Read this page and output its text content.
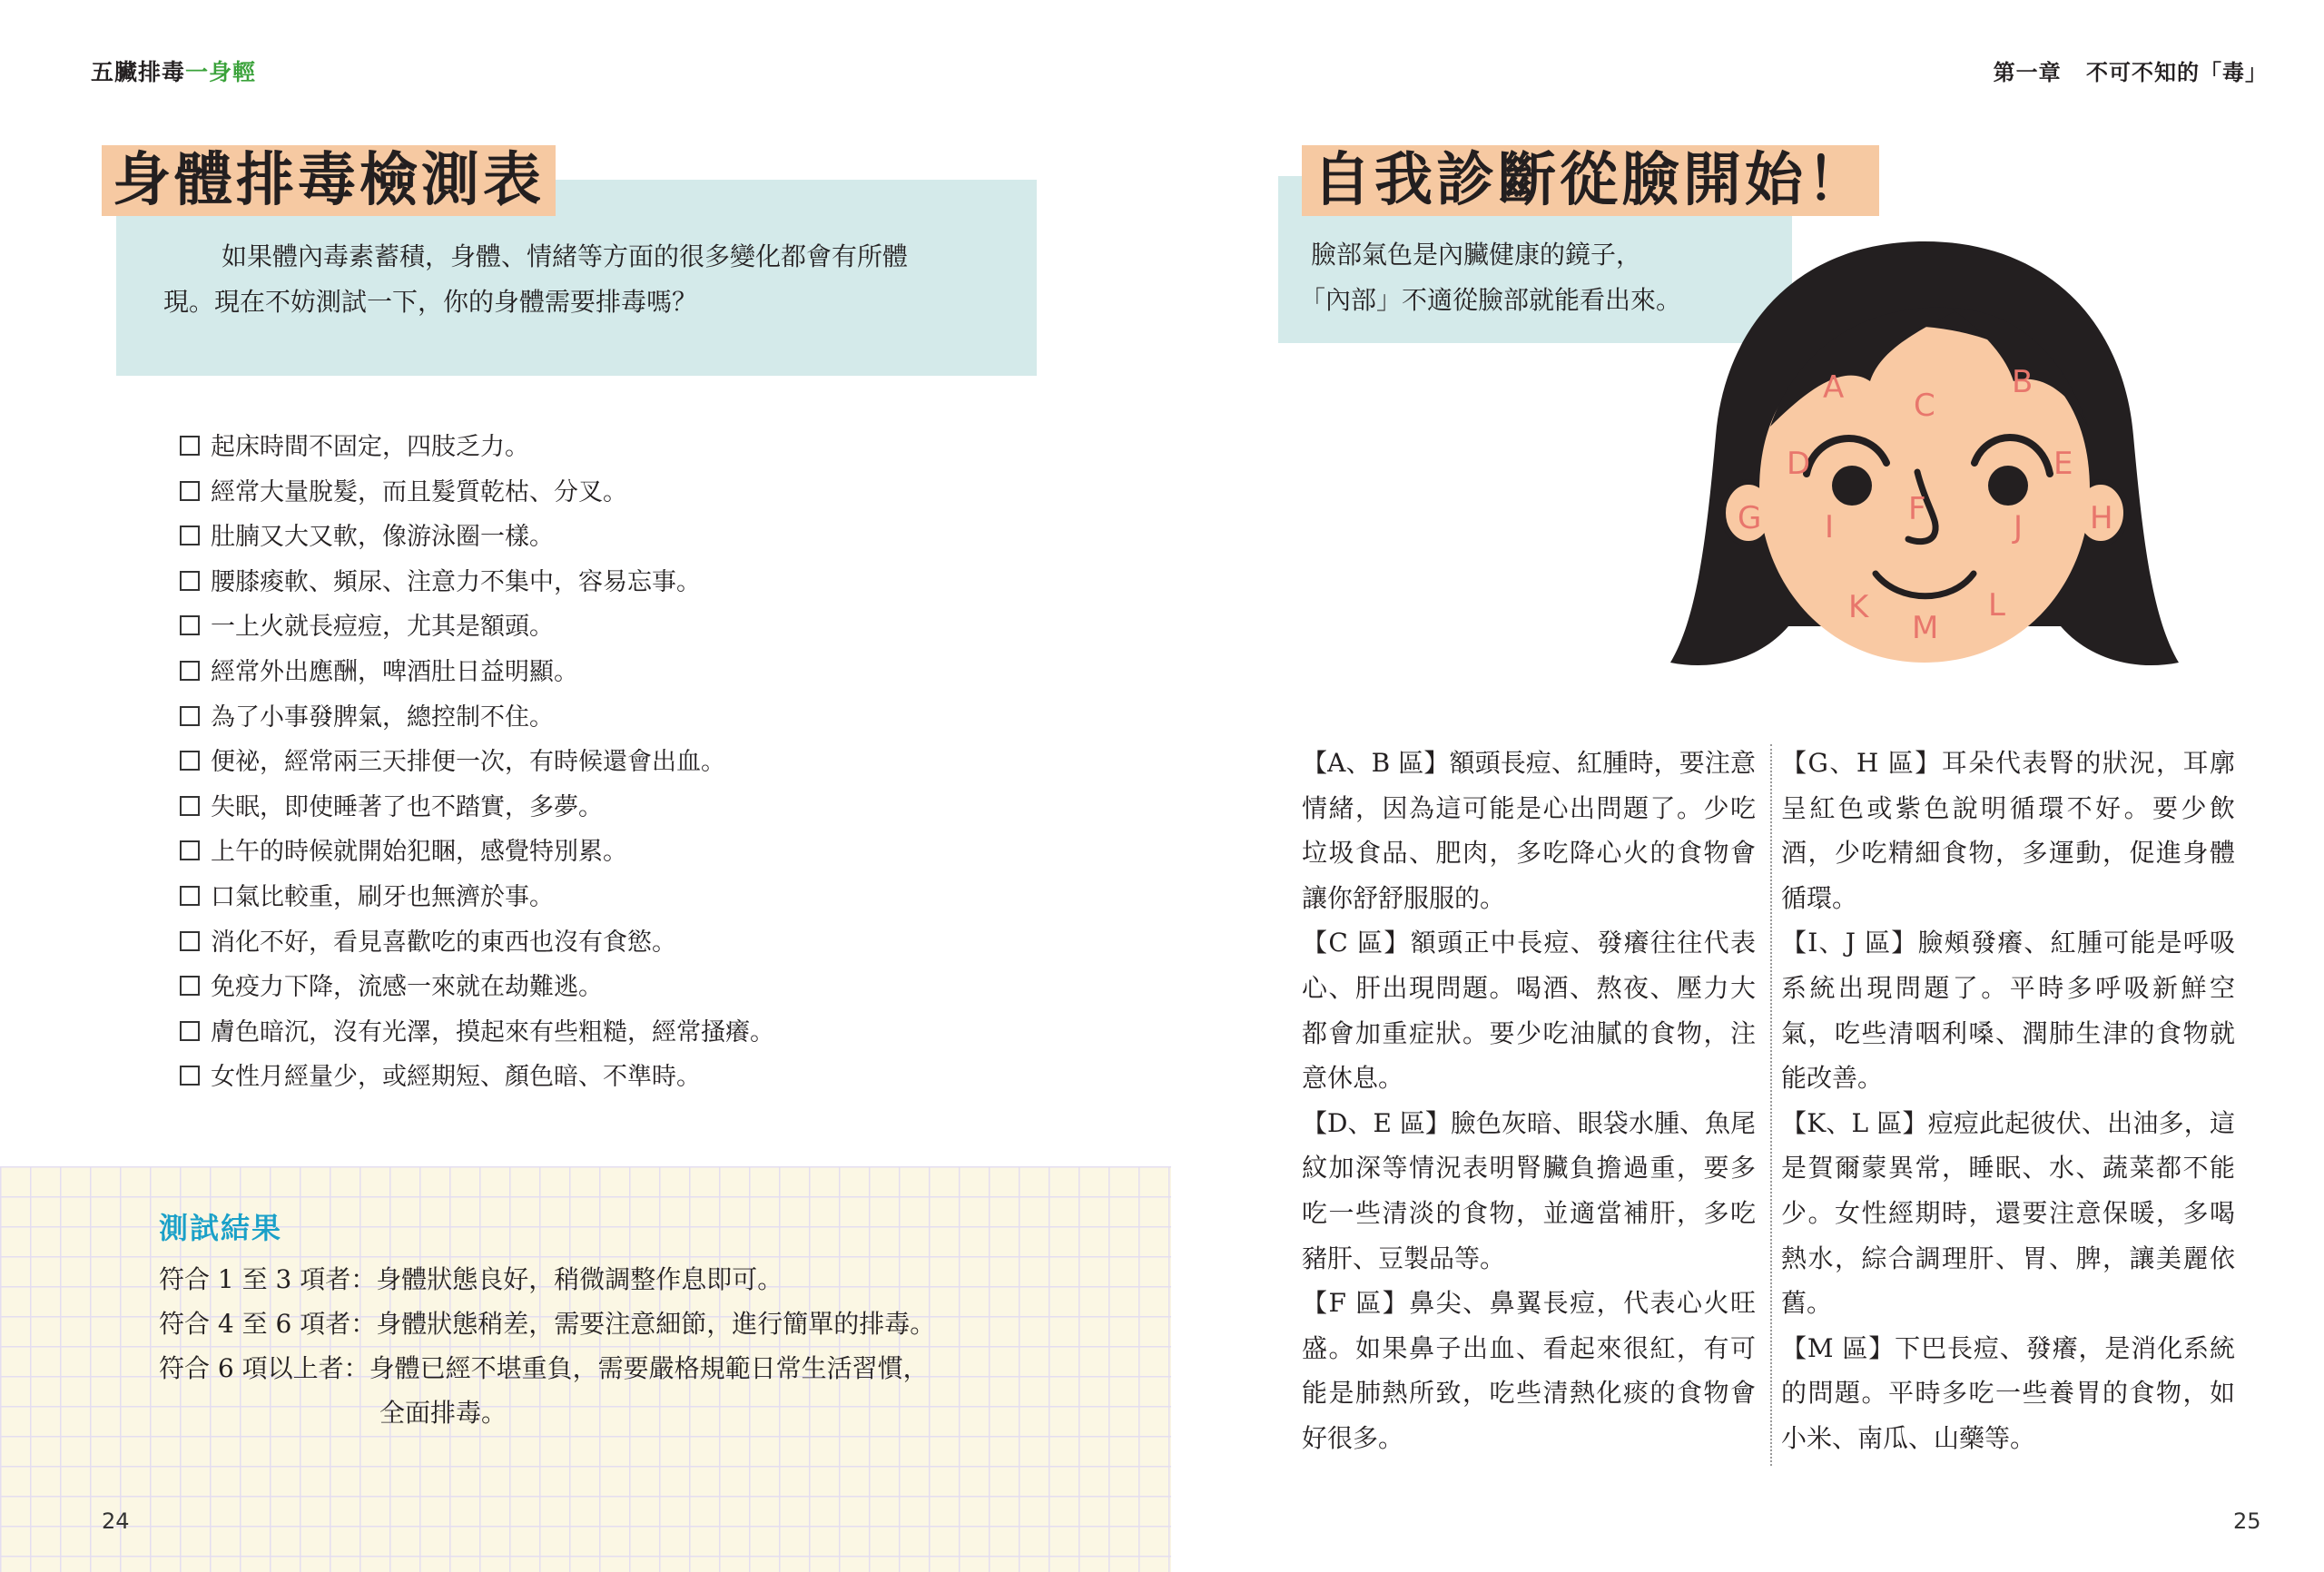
五臟排毒一身輕	第一章 不可不知的「毒」
身體排毒檢測表
如果體內毒素蓄積，身體、情緒等方面的很多變化都會有所體
現。現在不妨測試一下，你的身體需要排毒嗎？
起床時間不固定，四肢乏力。
經常大量脫髮，而且髮質乾枯、分叉。
肚腩又大又軟，像游泳圈一樣。
腰膝痠軟、頻尿、注意力不集中，容易忘事。
一上火就長痘痘，尤其是額頭。
經常外出應酬，啤酒肚日益明顯。
為了小事發脾氣，總控制不住。
便祕，經常兩三天排便一次，有時候還會出血。
失眠，即使睡著了也不踏實，多夢。
上午的時候就開始犯睏，感覺特別累。
口氣比較重，刷牙也無濟於事。
消化不好，看見喜歡吃的東西也沒有食慾。
免疫力下降，流感一來就在劫難逃。
膚色暗沉，沒有光澤，摸起來有些粗糙，經常搔癢。
女性月經量少，或經期短、顏色暗、不準時。
測試結果
符合 1 至 3 項者：身體狀態良好，稍微調整作息即可。
符合 4 至 6 項者：身體狀態稍差，需要注意細節，進行簡單的排毒。
符合 6 項以上者：身體已經不堪重負，需要嚴格規範日常生活習慣，
全面排毒。
24
自我診斷從臉開始！
臉部氣色是內臟健康的鏡子，
「內部」不適從臉部就能看出來。
A	B
C
D	E
F
G	H
I	J
K	L
M

【A、B 區】額頭長痘、紅腫時，要注意情緒，因為這可能是心出問題了。少吃垃圾食品、肥肉，多吃降心火的食物會讓你舒舒服服的。

【C 區】額頭正中長痘、發癢往往代表心、肝出現問題。喝酒、熬夜、壓力大都會加重症狀。要少吃油膩的食物，注意休息。

【D、E 區】臉色灰暗、眼袋水腫、魚尾紋加深等情況表明腎臟負擔過重，要多吃一些清淡的食物，並適當補肝，多吃豬肝、豆製品等。

【F 區】鼻尖、鼻翼長痘，代表心火旺盛。如果鼻子出血、看起來很紅，有可能是肺熱所致，吃些清熱化痰的食物會好很多。

【G、H 區】耳朵代表腎的狀況，耳廓呈紅色或紫色說明循環不好。要少飲酒，少吃精細食物，多運動，促進身體循環。

【I、J 區】臉頰發癢、紅腫可能是呼吸系統出現問題了。平時多呼吸新鮮空氣，吃些清咽利嗓、潤肺生津的食物就能改善。

【K、L 區】痘痘此起彼伏、出油多，這是賀爾蒙異常，睡眠、水、蔬菜都不能少。女性經期時，還要注意保暖，多喝熱水，綜合調理肝、胃、脾，讓美麗依舊。

【M 區】下巴長痘、發癢，是消化系統的問題。平時多吃一些養胃的食物，如小米、南瓜、山藥等。

25
